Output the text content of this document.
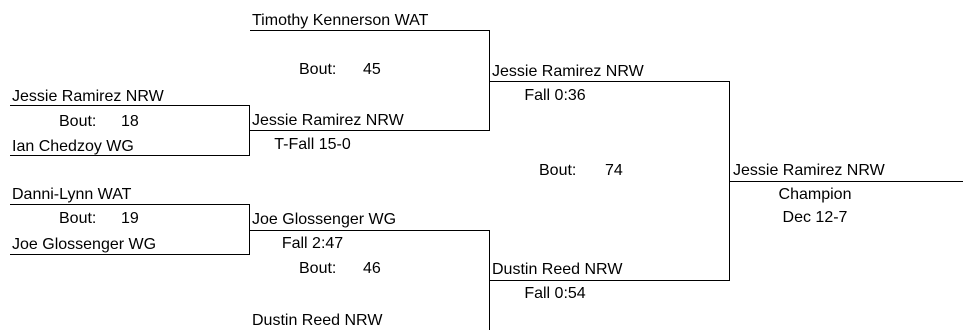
Jessie Ramirez NRW
Bout: 18
Ian Chedzoy WG
Danni-Lynn WAT
Bout: 19
Joe Glossenger WG
Timothy Kennerson WAT
Bout: 45
Jessie Ramirez NRW
T-Fall 15-0
Joe Glossenger WG
Fall 2:47
Bout: 46
Dustin Reed NRW
Jessie Ramirez NRW
Fall 0:36
Bout: 74
Dustin Reed NRW
Fall 0:54
Jessie Ramirez NRW
Champion
Dec 12-7
